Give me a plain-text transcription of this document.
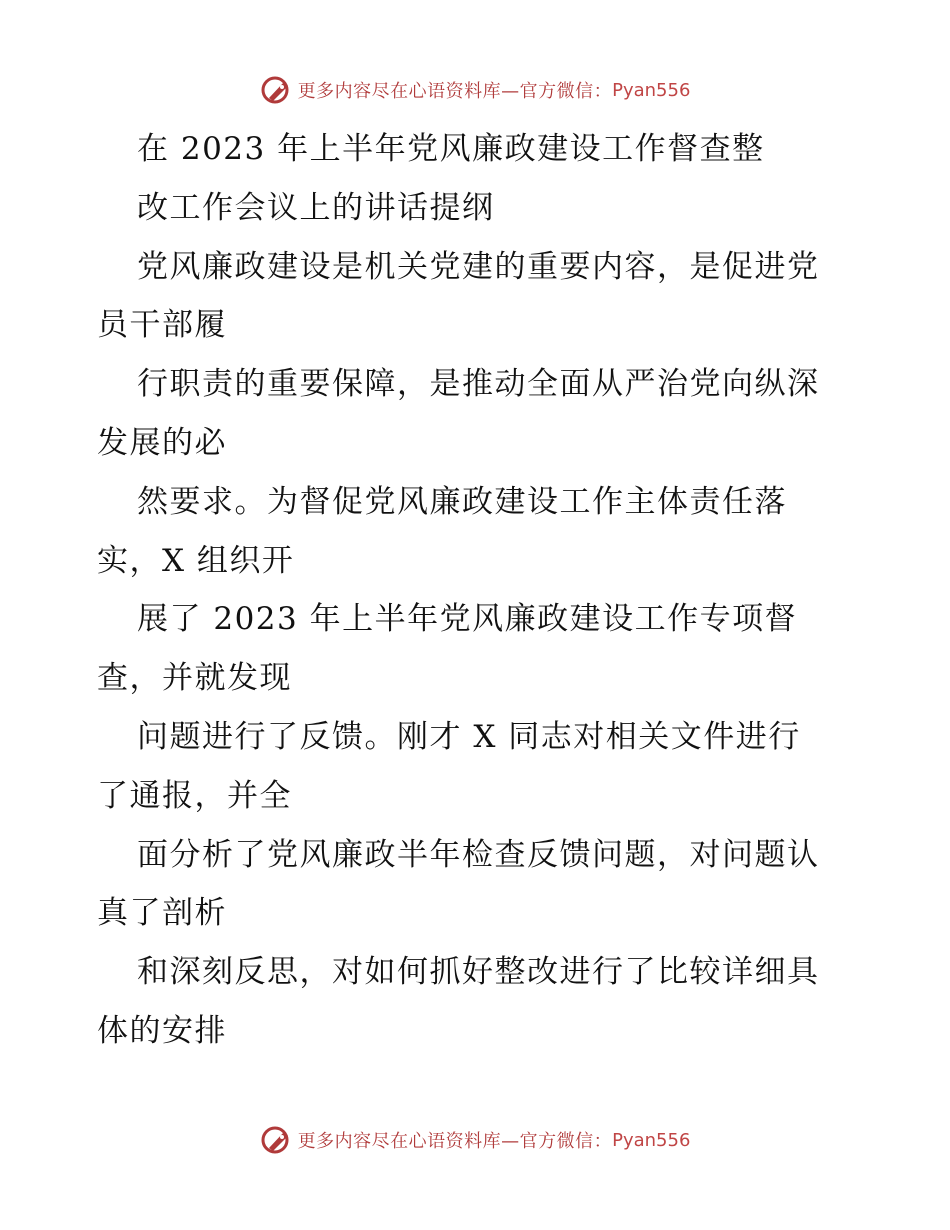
更多内容尽在心语资料库—官方微信： Pyan556
在 2023 年上半年党风廉政建设工作督查整
改工作会议上的讲话提纲
党风廉政建设是机关党建的重要内容，是促进党
员干部履
行职责的重要保障，是推动全面从严治党向纵深
发展的必
然要求。为督促党风廉政建设工作主体责任落
实，X 组织开
展了 2023 年上半年党风廉政建设工作专项督
查，并就发现
问题进行了反馈。刚才 X 同志对相关文件进行
了通报，并全
面分析了党风廉政半年检查反馈问题，对问题认
真了剖析
和深刻反思，对如何抓好整改进行了比较详细具
体的安排
更多内容尽在心语资料库—官方微信： Pyan556
